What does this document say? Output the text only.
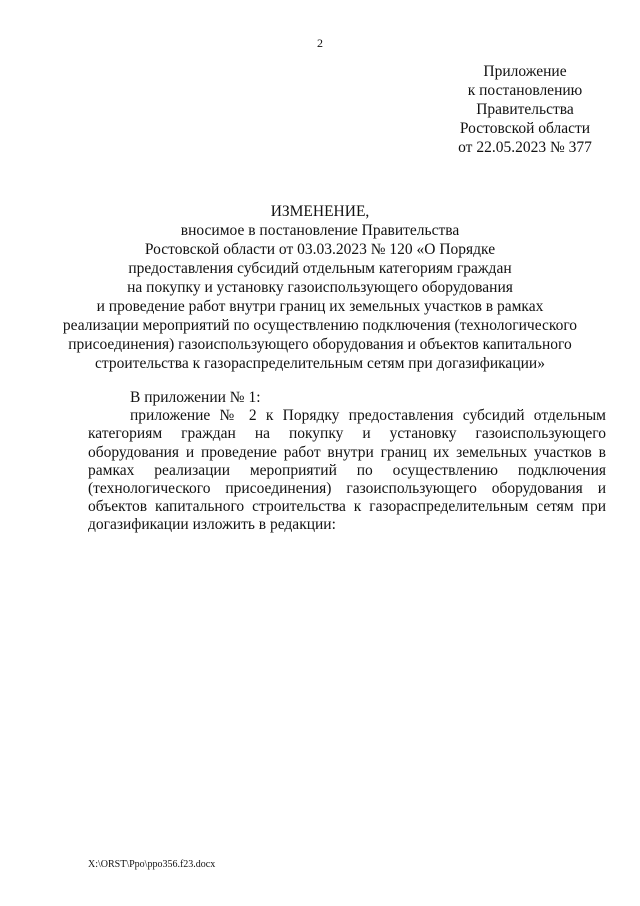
2
Приложение
к постановлению
Правительства
Ростовской области
от 22.05.2023 № 377
ИЗМЕНЕНИЕ,
вносимое в постановление Правительства
Ростовской области от 03.03.2023 № 120 «О Порядке
предоставления субсидий отдельным категориям граждан
на покупку и установку газоиспользующего оборудования
и проведение работ внутри границ их земельных участков в рамках
реализации мероприятий по осуществлению подключения (технологического
присоединения) газоиспользующего оборудования и объектов капитального
строительства к газораспределительным сетям при догазификации»
В приложении № 1:

приложение № 2 к Порядку предоставления субсидий отдельным категориям граждан на покупку и установку газоиспользующего оборудования и проведение работ внутри границ их земельных участков в рамках реализации мероприятий по осуществлению подключения (технологического присоединения) газоиспользующего оборудования и объектов капитального строительства к газораспределительным сетям при догазификации изложить в редакции:

X:\ORST\Ppo\ppo356.f23.docx
